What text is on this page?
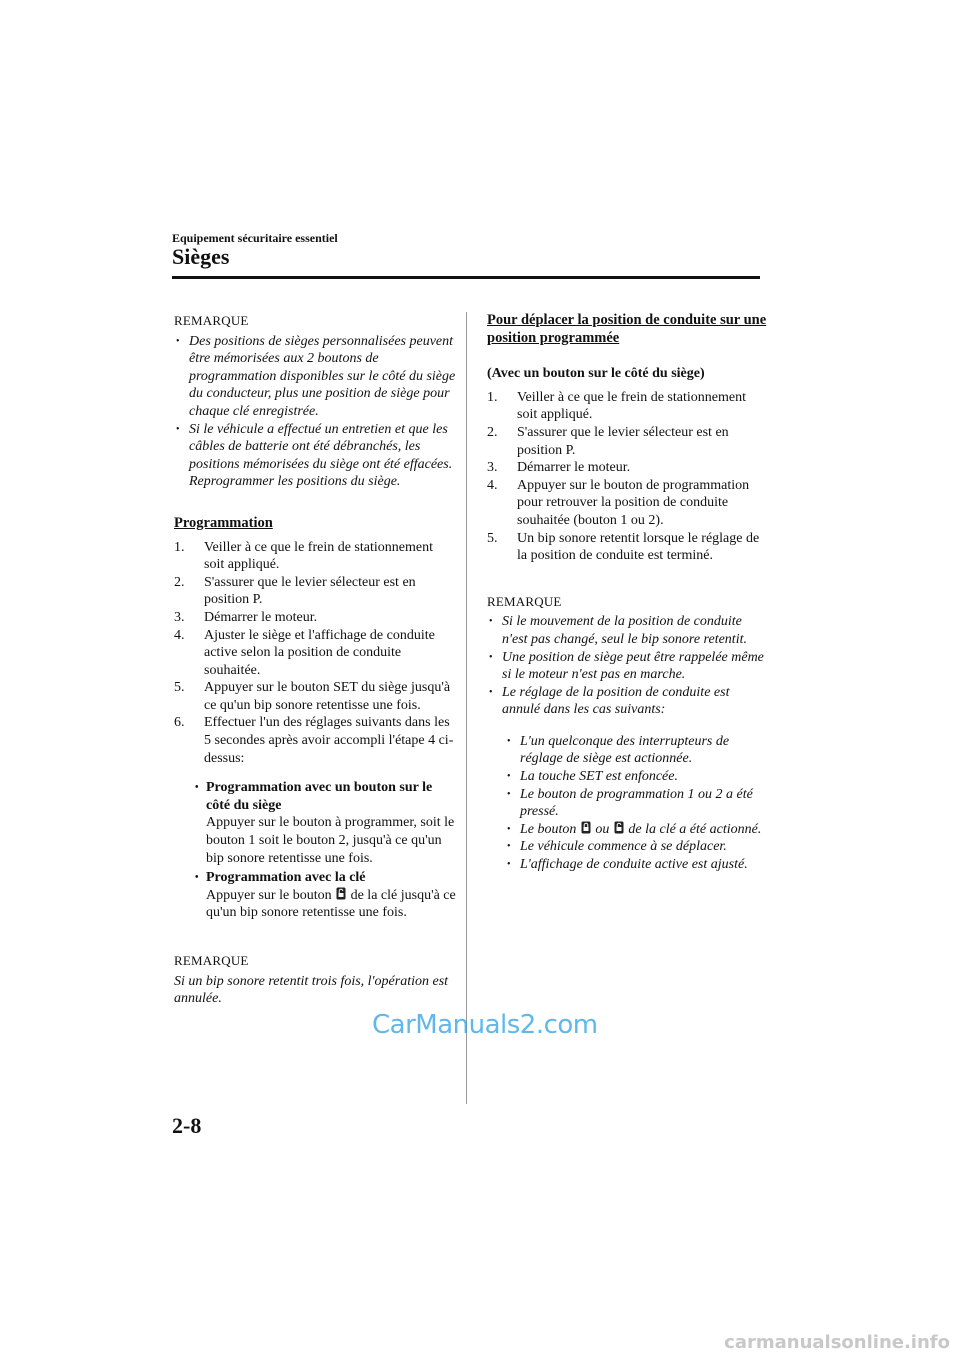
Equipement sécuritaire essentiel
Sièges
REMARQUE
• Des positions de sièges personnalisées peuvent être mémorisées aux 2 boutons de programmation disponibles sur le côté du siège du conducteur, plus une position de siège pour chaque clé enregistrée.
• Si le véhicule a effectué un entretien et que les câbles de batterie ont été débranchés, les positions mémorisées du siège ont été effacées. Reprogrammer les positions du siège.
Programmation
1. Veiller à ce que le frein de stationnement soit appliqué.
2. S'assurer que le levier sélecteur est en position P.
3. Démarrer le moteur.
4. Ajuster le siège et l'affichage de conduite active selon la position de conduite souhaitée.
5. Appuyer sur le bouton SET du siège jusqu'à ce qu'un bip sonore retentisse une fois.
6. Effectuer l'un des réglages suivants dans les 5 secondes après avoir accompli l'étape 4 ci-dessus:
• Programmation avec un bouton sur le côté du siège
Appuyer sur le bouton à programmer, soit le bouton 1 soit le bouton 2, jusqu'à ce qu'un bip sonore retentisse une fois.
• Programmation avec la clé
Appuyer sur le bouton de la clé jusqu'à ce qu'un bip sonore retentisse une fois.
REMARQUE
Si un bip sonore retentit trois fois, l'opération est annulée.
Pour déplacer la position de conduite sur une position programmée
(Avec un bouton sur le côté du siège)
1. Veiller à ce que le frein de stationnement soit appliqué.
2. S'assurer que le levier sélecteur est en position P.
3. Démarrer le moteur.
4. Appuyer sur le bouton de programmation pour retrouver la position de conduite souhaitée (bouton 1 ou 2).
5. Un bip sonore retentit lorsque le réglage de la position de conduite est terminé.
REMARQUE
• Si le mouvement de la position de conduite n'est pas changé, seul le bip sonore retentit.
• Une position de siège peut être rappelée même si le moteur n'est pas en marche.
• Le réglage de la position de conduite est annulé dans les cas suivants:
• L'un quelconque des interrupteurs de réglage de siège est actionnée.
• La touche SET est enfoncée.
• Le bouton de programmation 1 ou 2 a été pressé.
• Le bouton ou de la clé a été actionné.
• Le véhicule commence à se déplacer.
• L'affichage de conduite active est ajusté.
2-8
CarManuals2.com
carmanualsonline.info
